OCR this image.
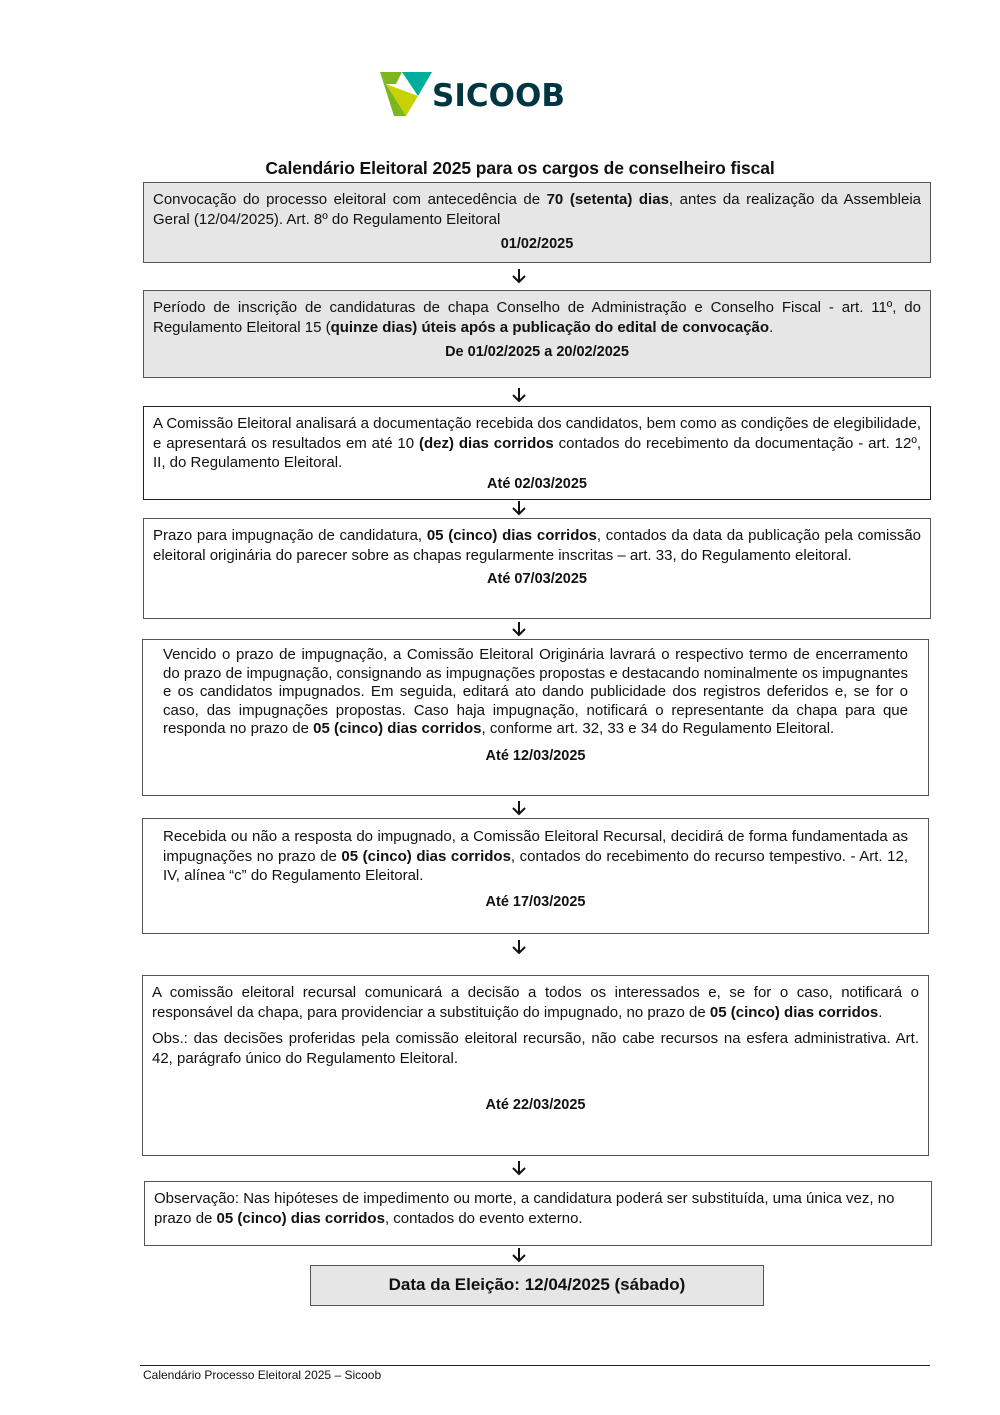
SICOOB
Calendário Eleitoral 2025 para os cargos de conselheiro fiscal

Convocação do processo eleitoral com antecedência de 70 (setenta) dias, antes da realização da Assembleia Geral (12/04/2025). Art. 8º do Regulamento Eleitoral

01/02/2025

Período de inscrição de candidaturas de chapa Conselho de Administração e Conselho Fiscal - art. 11º, do Regulamento Eleitoral 15 (quinze dias) úteis após a publicação do edital de convocação.

De 01/02/2025 a 20/02/2025

A Comissão Eleitoral analisará a documentação recebida dos candidatos, bem como as condições de elegibilidade, e apresentará os resultados em até 10 (dez) dias corridos contados do recebimento da documentação - art. 12º, II, do Regulamento Eleitoral.

Até 02/03/2025

Prazo para impugnação de candidatura, 05 (cinco) dias corridos, contados da data da publicação pela comissão eleitoral originária do parecer sobre as chapas regularmente inscritas – art. 33, do Regulamento eleitoral.

Até 07/03/2025

Vencido o prazo de impugnação, a Comissão Eleitoral Originária lavrará o respectivo termo de encerramento do prazo de impugnação, consignando as impugnações propostas e destacando nominalmente os impugnantes e os candidatos impugnados. Em seguida, editará ato dando publicidade dos registros deferidos e, se for o caso, das impugnações propostas. Caso haja impugnação, notificará o representante da chapa para que responda no prazo de 05 (cinco) dias corridos, conforme art. 32, 33 e 34 do Regulamento Eleitoral.

Até 12/03/2025

Recebida ou não a resposta do impugnado, a Comissão Eleitoral Recursal, decidirá de forma fundamentada as impugnações no prazo de 05 (cinco) dias corridos, contados do recebimento do recurso tempestivo. - Art. 12, IV, alínea “c” do Regulamento Eleitoral.

Até 17/03/2025

A comissão eleitoral recursal comunicará a decisão a todos os interessados e, se for o caso, notificará o responsável da chapa, para providenciar a substituição do impugnado, no prazo de 05 (cinco) dias corridos.

Obs.: das decisões proferidas pela comissão eleitoral recursão, não cabe recursos na esfera administrativa. Art. 42, parágrafo único do Regulamento Eleitoral.

Até 22/03/2025

Observação: Nas hipóteses de impedimento ou morte, a candidatura poderá ser substituída, uma única vez, no prazo de 05 (cinco) dias corridos, contados do evento externo.

Data da Eleição: 12/04/2025 (sábado)
Calendário Processo Eleitoral 2025 – Sicoob
